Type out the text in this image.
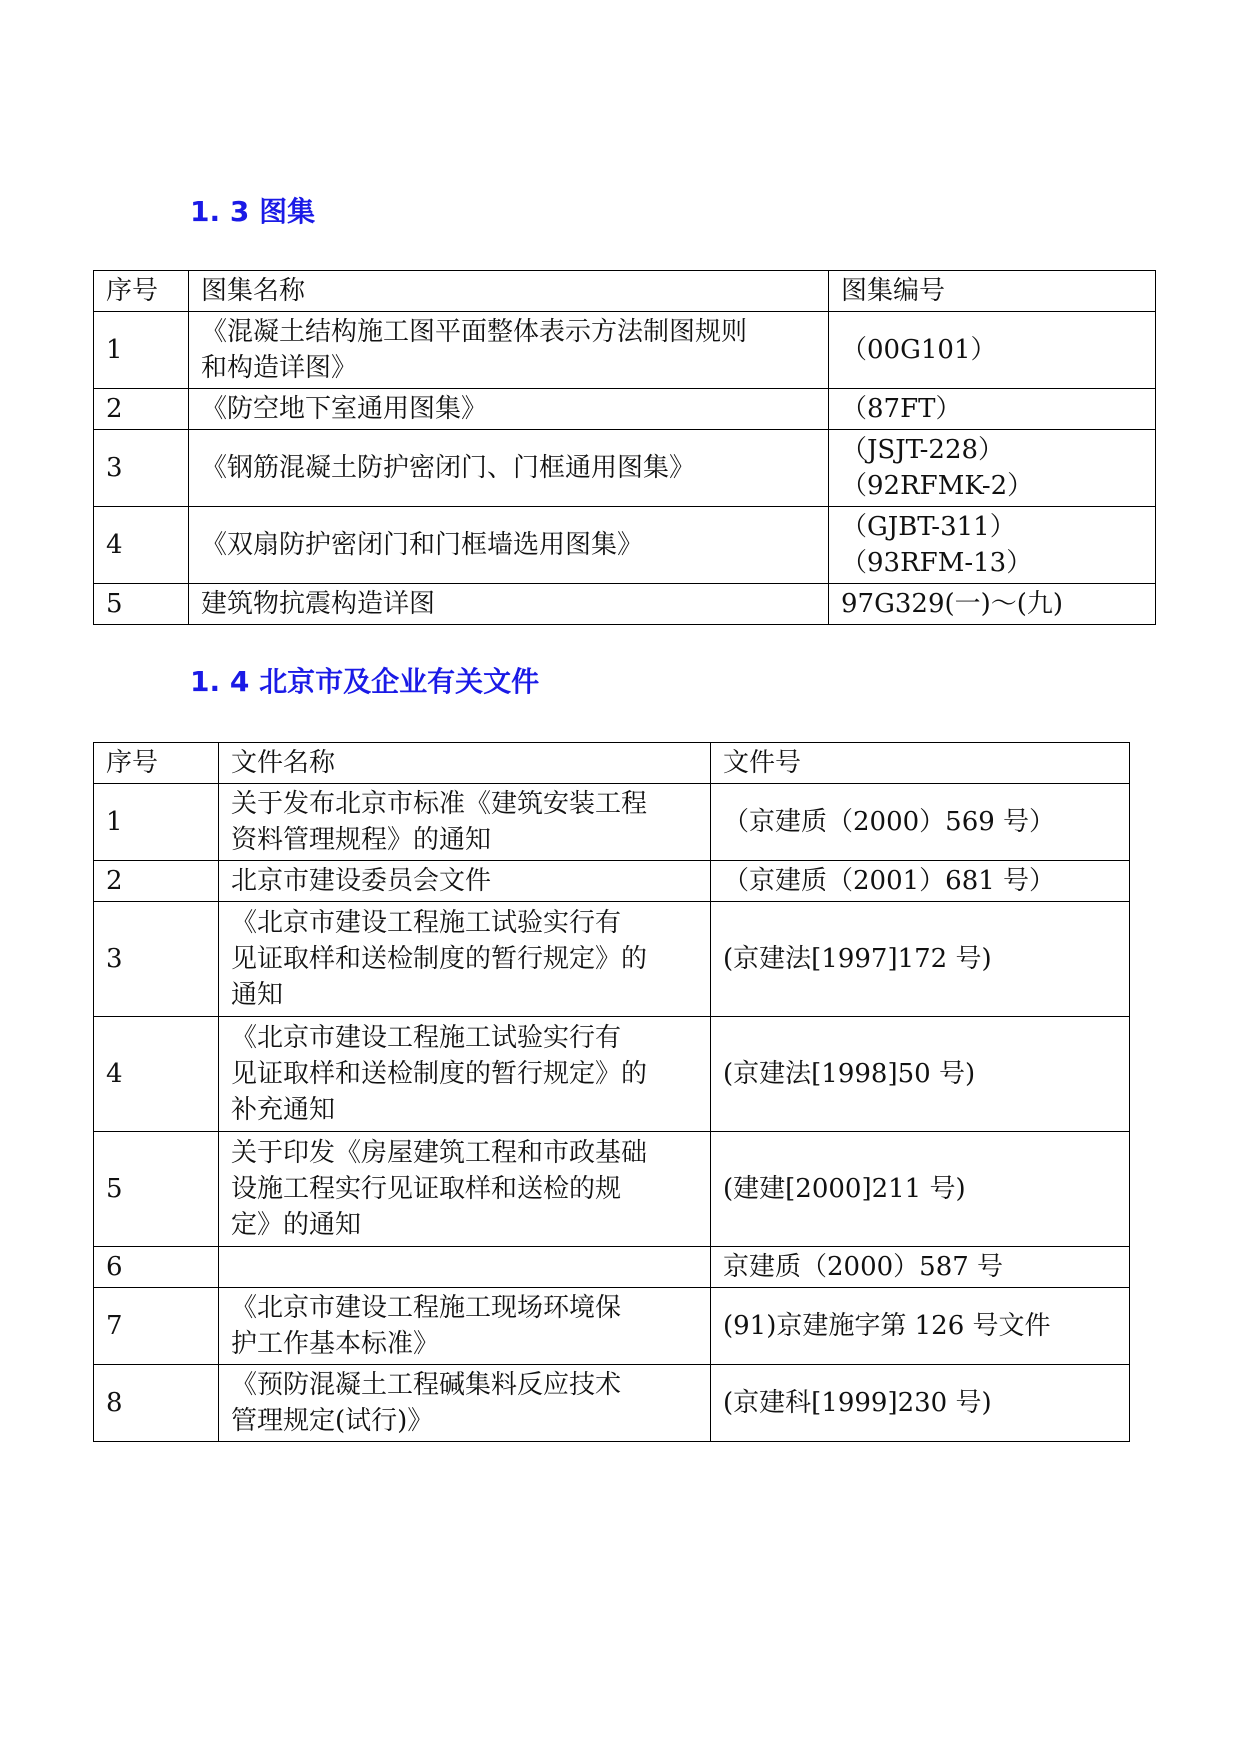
1. 3 图集
序号	图集名称	图集编号
1	《混凝土结构施工图平面整体表示方法制图规则
和构造详图》	（00G101）

2	《防空地下室通用图集》	（87FT）

3	《钢筋混凝土防护密闭门、门框通用图集》	（JSJT-228）
（92RFMK-2）

4	《双扇防护密闭门和门框墙选用图集》	（GJBT-311）
（93RFM-13）

5	建筑物抗震构造详图	97G329(一)～(九)
1. 4 北京市及企业有关文件
序号	文件名称	文件号
1	关于发布北京市标准《建筑安装工程
资料管理规程》的通知	（京建质（2000）569 号）

2	北京市建设委员会文件	（京建质（2001）681 号）

3	《北京市建设工程施工试验实行有
见证取样和送检制度的暂行规定》的
通知	(京建法[1997]172 号)

4	《北京市建设工程施工试验实行有
见证取样和送检制度的暂行规定》的
补充通知	(京建法[1998]50 号)

5	关于印发《房屋建筑工程和市政基础
设施工程实行见证取样和送检的规
定》的通知	(建建[2000]211 号)

6		京建质（2000）587 号

7	《北京市建设工程施工现场环境保
护工作基本标准》	(91)京建施字第 126 号文件

8	《预防混凝土工程碱集料反应技术
管理规定(试行)》	(京建科[1999]230 号)
